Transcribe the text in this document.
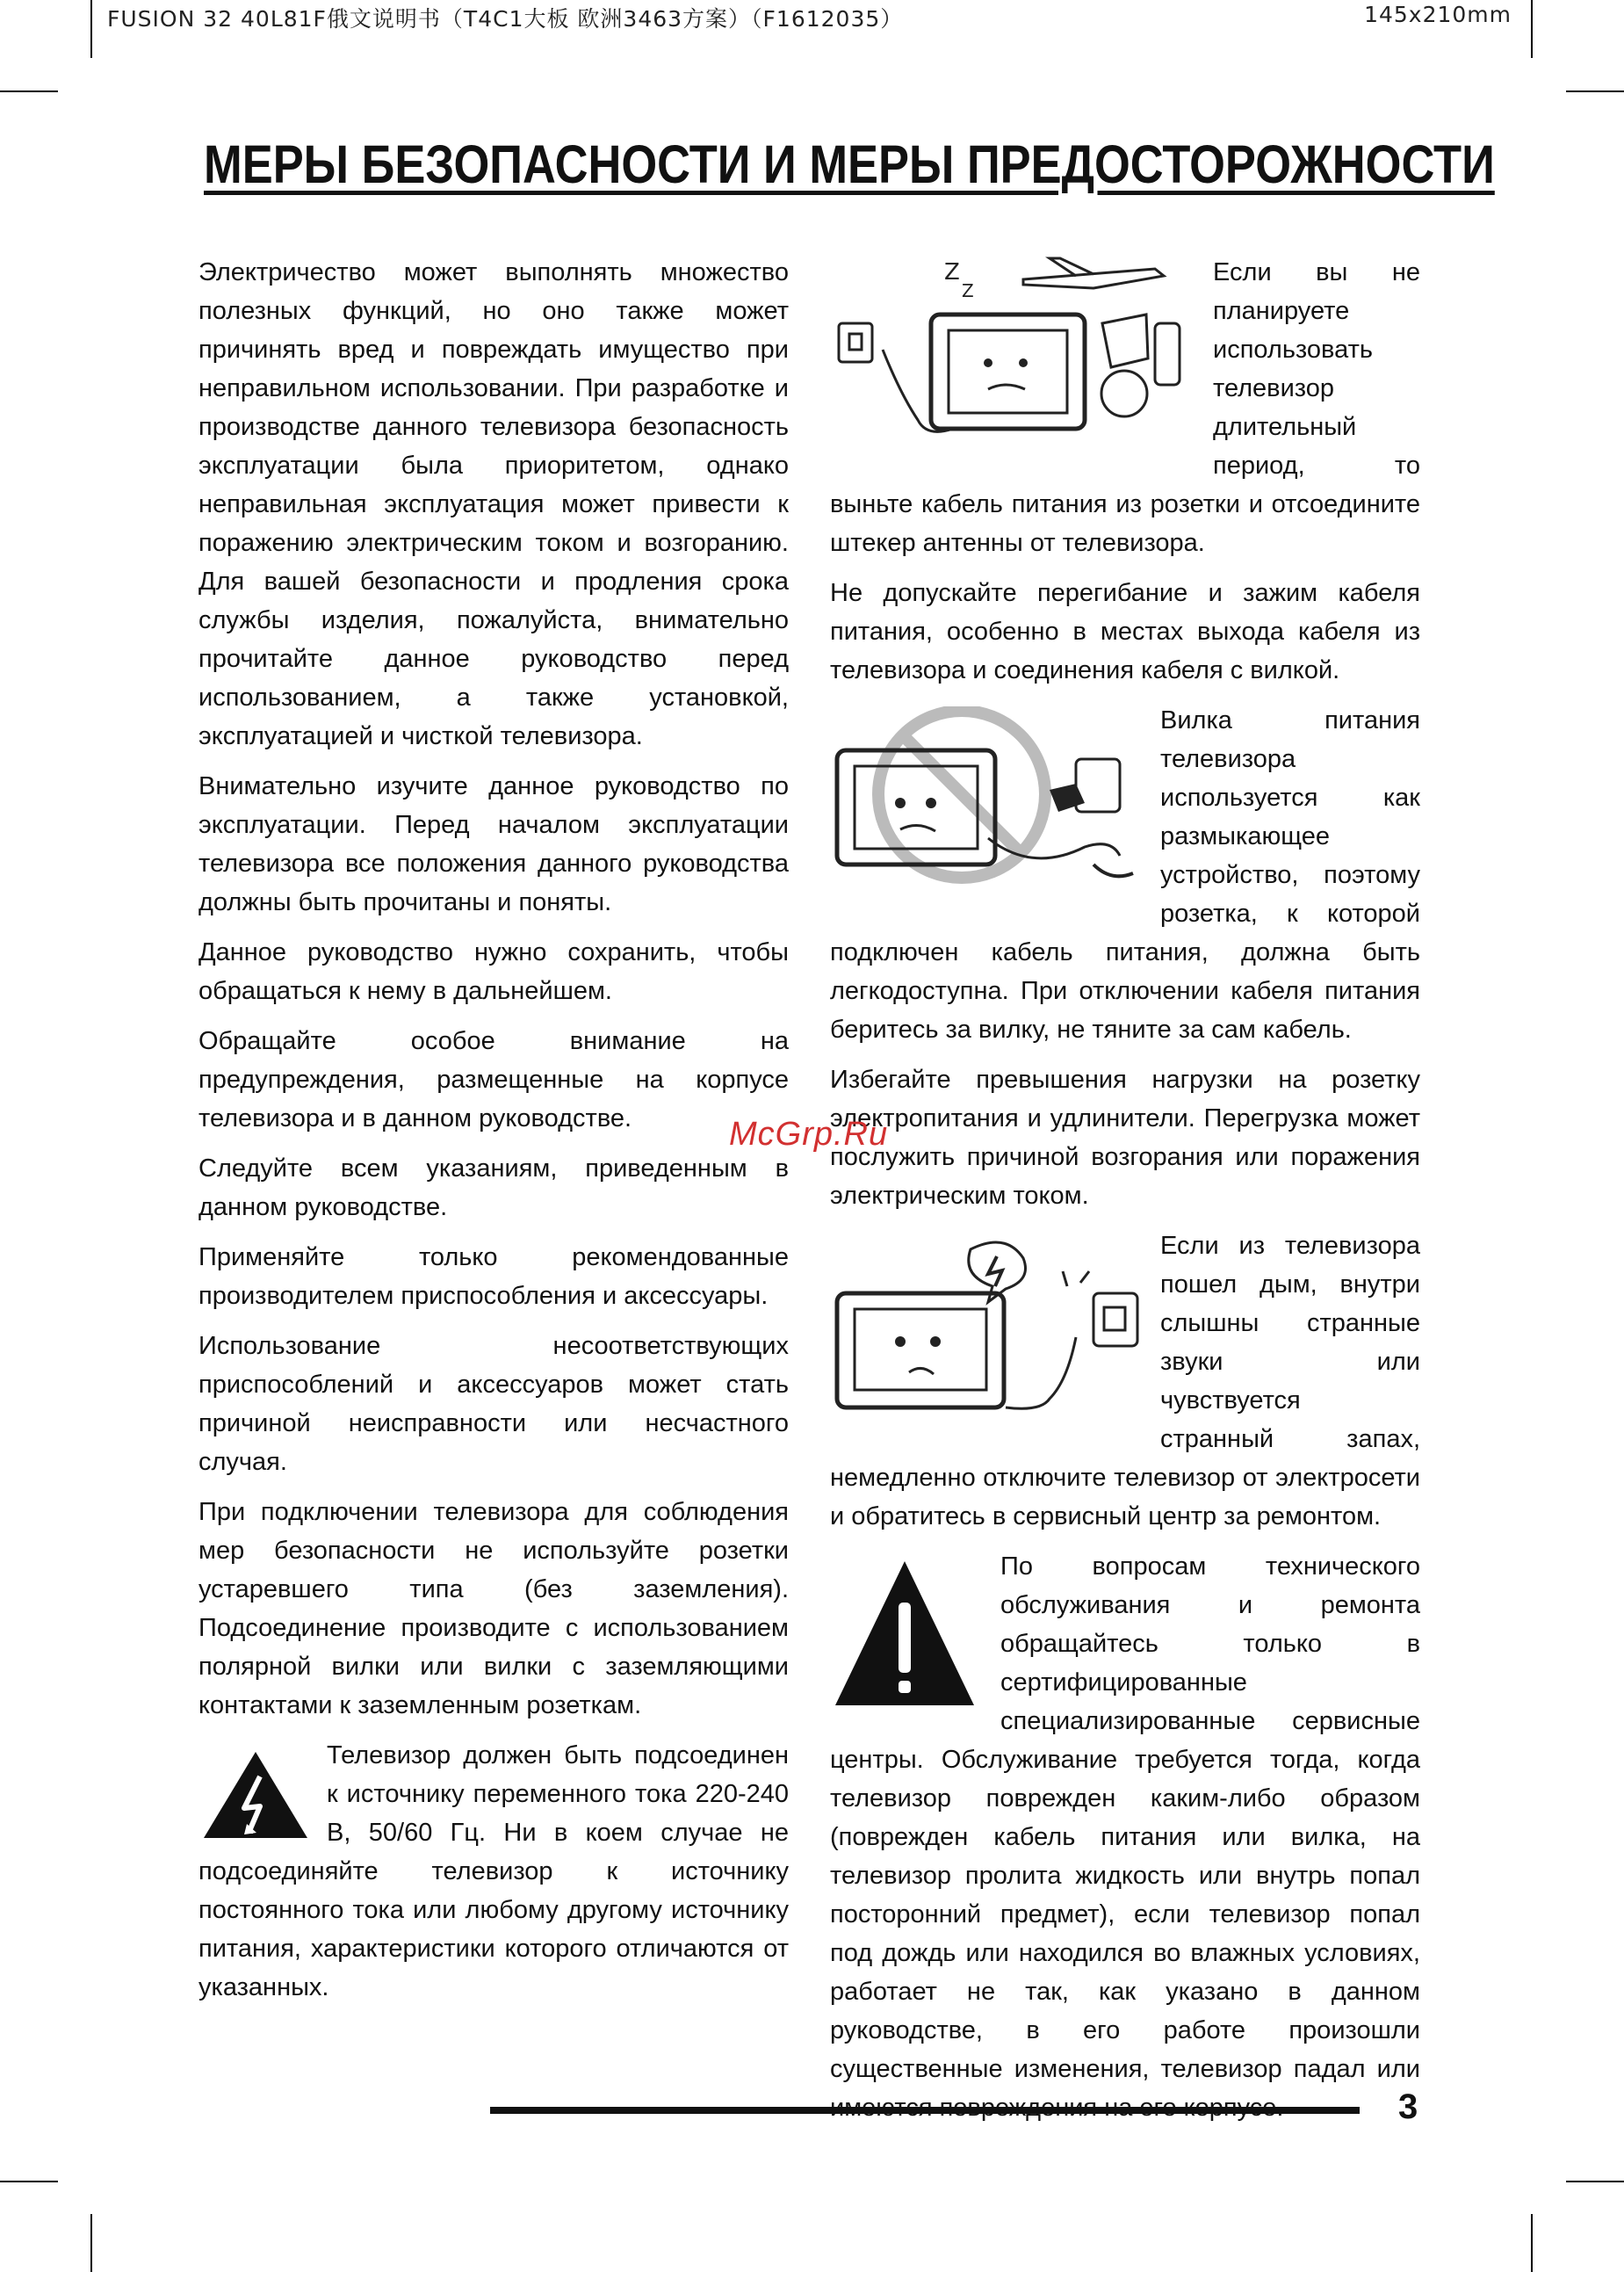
FUSION 32 40L81F俄文说明书（T4C1大板 欧洲3463方案）（F1612035）	145x210mm
МЕРЫ БЕЗОПАСНОСТИ И МЕРЫ ПРЕДОСТОРОЖНОСТИ

Электричество может выполнять множество полезных функций, но оно также может причинять вред и повреждать имущество при неправильном использовании. При разработке и производстве данного телевизора безопасность эксплуатации была приоритетом, однако неправильная эксплуатация может привести к поражению электрическим током и возгоранию. Для вашей безопасности и продления срока службы изделия, пожалуйста, внимательно прочитайте данное руководство перед использованием, а также установкой, эксплуатацией и чисткой телевизора.

Внимательно изучите данное руководство по эксплуатации. Перед началом эксплуатации телевизора все положения данного руководства должны быть прочитаны и поняты.

Данное руководство нужно сохранить, чтобы обращаться к нему в дальнейшем.

Обращайте особое внимание на предупреждения, размещенные на корпусе телевизора и в данном руководстве.

Следуйте всем указаниям, приведенным в данном руководстве.

Применяйте только рекомендованные производителем приспособления и аксессуары.

Использование несоответствующих приспособлений и аксессуаров может стать причиной неисправности или несчастного случая.

При подключении телевизора для соблюдения мер безопасности не используйте розетки устаревшего типа (без заземления). Подсоединение производите с использованием полярной вилки или вилки с заземляющими контактами к заземленным розеткам.

Телевизор должен быть подсоединен к источнику переменного тока 220-240 В, 50/60 Гц. Ни в коем случае не подсоединяйте телевизор к источнику постоянного тока или любому другому источнику питания, характеристики которого отличаются от указанных.

Z
Z

Если вы не планируете использовать телевизор длительный период, то выньте кабель питания из розетки и отсоедините штекер антенны от телевизора.

Не допускайте перегибание и зажим кабеля питания, особенно в местах выхода кабеля из телевизора и соединения кабеля с вилкой.

Вилка питания телевизора используется как размыкающее устройство, поэтому розетка, к которой подключен кабель питания, должна быть легкодоступна. При отключении кабеля питания беритесь за вилку, не тяните за сам кабель.

Избегайте превышения нагрузки на розетку электропитания и удлинители. Перегрузка может послужить причиной возгорания или поражения электрическим током.

Если из телевизора пошел дым, внутри слышны странные звуки или чувствуется странный запах, немедленно отключите телевизор от электросети и обратитесь в сервисный центр за ремонтом.

По вопросам технического обслуживания и ремонта обращайтесь только в сертифицированные специализированные сервисные центры. Обслуживание требуется тогда, когда телевизор поврежден каким-либо образом (поврежден кабель питания или вилка, на телевизор пролита жидкость или внутрь попал посторонний предмет), если телевизор попал под дождь или находился во влажных условиях, работает не так, как указано в данном руководстве, в его работе произошли существенные изменения, телевизор падал или

McGrp.Ru
3
